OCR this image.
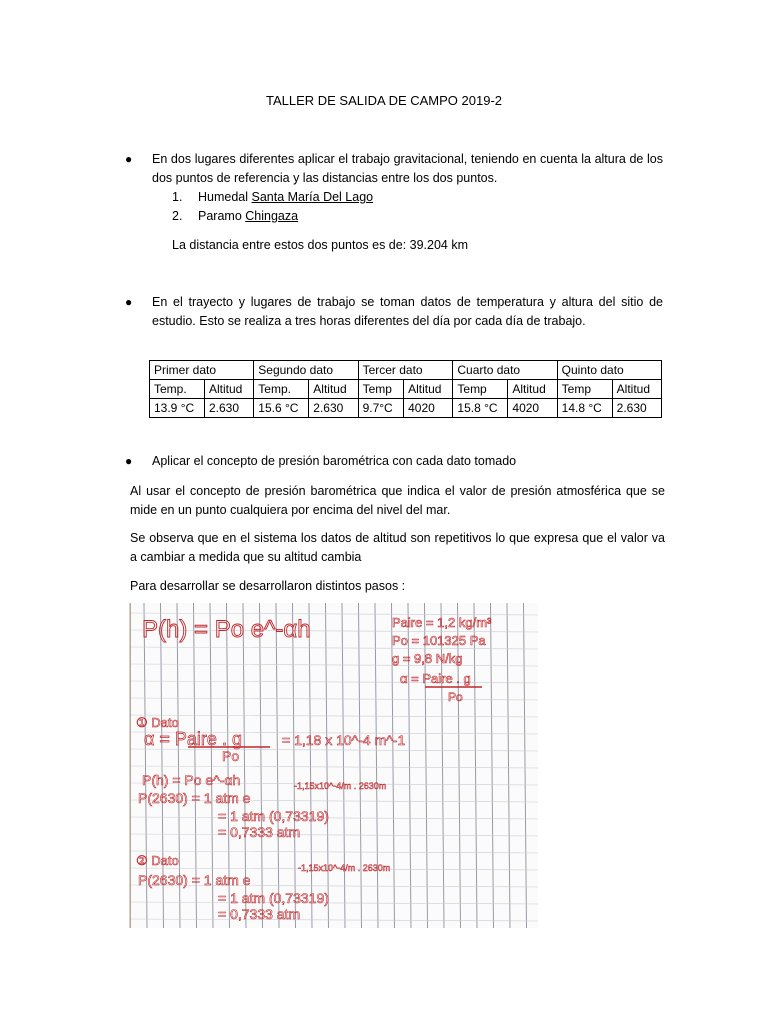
TALLER DE SALIDA DE CAMPO 2019-2
● En dos lugares diferentes aplicar el trabajo gravitacional, teniendo en cuenta la altura de los dos puntos de referencia y las distancias entre los dos puntos.
1.	Humedal Santa María Del Lago
2.	Paramo Chingaza
La distancia entre estos dos puntos es de: 39.204 km
● En el trayecto y lugares de trabajo se toman datos de temperatura y altura del sitio de estudio. Esto se realiza a tres horas diferentes del día por cada día de trabajo.
Primer dato		Segundo dato		Tercer dato		Cuarto dato		Quinto dato	
Temp.	Altitud	Temp.	Altitud	Temp	Altitud	Temp	Altitud	Temp	Altitud
13.9 °C	2.630	15.6 °C	2.630	9.7°C	4020	15.8 °C	4020	14.8 °C	2.630
● Aplicar el concepto de presión barométrica con cada dato tomado
Al usar el concepto de presión barométrica que indica el valor de presión atmosférica que se mide en un punto cualquiera por encima del nivel del mar.
Se observa que en el sistema los datos de altitud son repetitivos lo que expresa que el valor va a cambiar a medida que su altitud cambia
Para desarrollar se desarrollaron distintos pasos :
P(h) = Po e^-αh	Paire = 1,2 kg/m³
Po = 101325 Pa
g = 9,8 N/kg
α = Paire . g
Po
① Dato
α = Paire . g
Po
= 1,18 x 10^-4 m^-1
P(h) = Po e^-αh
P(2630) = 1 atm e
-1,15x10^-4/m . 2630m
= 1 atm (0,73319)
= 0,7333 atm
② Dato
P(2630) = 1 atm e
-1,15x10^-4/m . 2630m
= 1 atm (0,73319)
= 0,7333 atm
